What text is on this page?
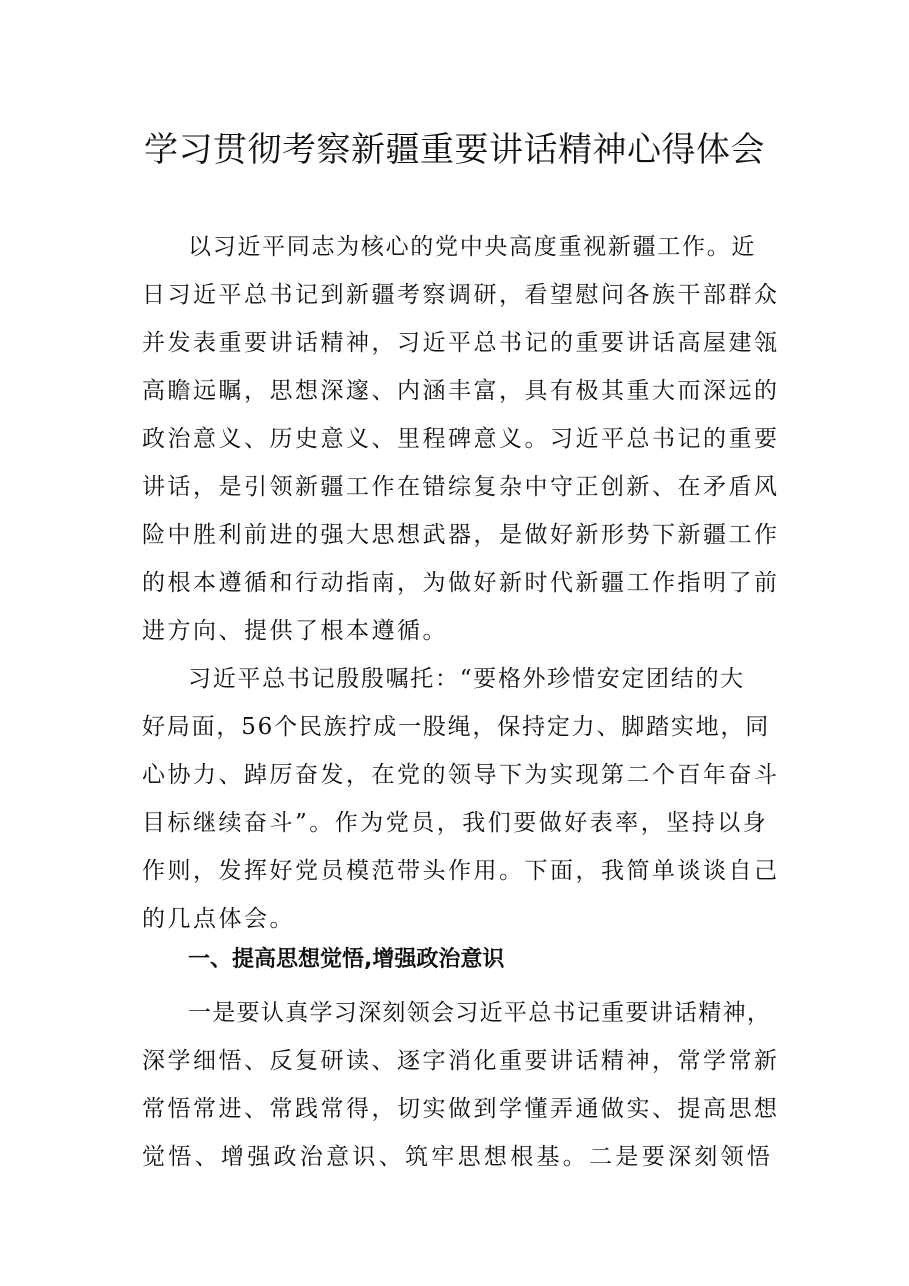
学习贯彻考察新疆重要讲话精神心得体会
以习近平同志为核心的党中央高度重视新疆工作。近
日习近平总书记到新疆考察调研，看望慰问各族干部群众
并发表重要讲话精神，习近平总书记的重要讲话高屋建瓴
高瞻远瞩，思想深邃、内涵丰富，具有极其重大而深远的
政治意义、历史意义、里程碑意义。习近平总书记的重要
讲话，是引领新疆工作在错综复杂中守正创新、在矛盾风
险中胜利前进的强大思想武器，是做好新形势下新疆工作
的根本遵循和行动指南，为做好新时代新疆工作指明了前
进方向、提供了根本遵循。
习近平总书记殷殷嘱托：“要格外珍惜安定团结的大
好局面，56个民族拧成一股绳，保持定力、脚踏实地，同
心协力、踔厉奋发，在党的领导下为实现第二个百年奋斗
目标继续奋斗”。作为党员，我们要做好表率，坚持以身
作则，发挥好党员模范带头作用。下面，我简单谈谈自己
的几点体会。
一、提高思想觉悟,增强政治意识
一是要认真学习深刻领会习近平总书记重要讲话精神，
深学细悟、反复研读、逐字消化重要讲话精神，常学常新
常悟常进、常践常得，切实做到学懂弄通做实、提高思想
觉悟、增强政治意识、筑牢思想根基。二是要深刻领悟
